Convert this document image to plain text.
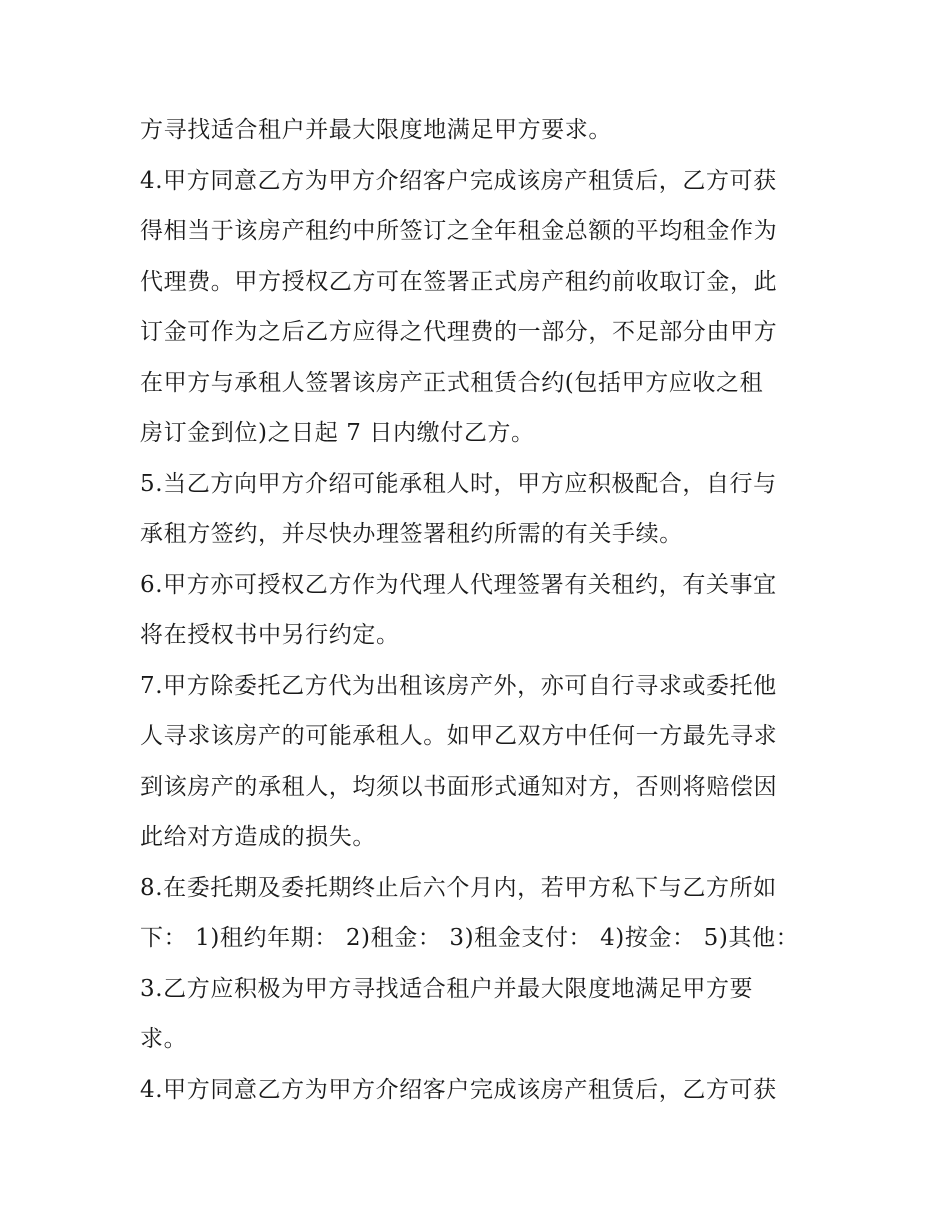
方寻找适合租户并最大限度地满足甲方要求。
4.甲方同意乙方为甲方介绍客户完成该房产租赁后，乙方可获
得相当于该房产租约中所签订之全年租金总额的平均租金作为
代理费。甲方授权乙方可在签署正式房产租约前收取订金，此
订金可作为之后乙方应得之代理费的一部分，不足部分由甲方
在甲方与承租人签署该房产正式租赁合约(包括甲方应收之租
房订金到位)之日起 7 日内缴付乙方。
5.当乙方向甲方介绍可能承租人时，甲方应积极配合，自行与
承租方签约，并尽快办理签署租约所需的有关手续。
6.甲方亦可授权乙方作为代理人代理签署有关租约，有关事宜
将在授权书中另行约定。
7.甲方除委托乙方代为出租该房产外，亦可自行寻求或委托他
人寻求该房产的可能承租人。如甲乙双方中任何一方最先寻求
到该房产的承租人，均须以书面形式通知对方，否则将赔偿因
此给对方造成的损失。
8.在委托期及委托期终止后六个月内，若甲方私下与乙方所如
下： 1)租约年期： 2)租金： 3)租金支付： 4)按金： 5)其他：
3.乙方应积极为甲方寻找适合租户并最大限度地满足甲方要
求。
4.甲方同意乙方为甲方介绍客户完成该房产租赁后，乙方可获
